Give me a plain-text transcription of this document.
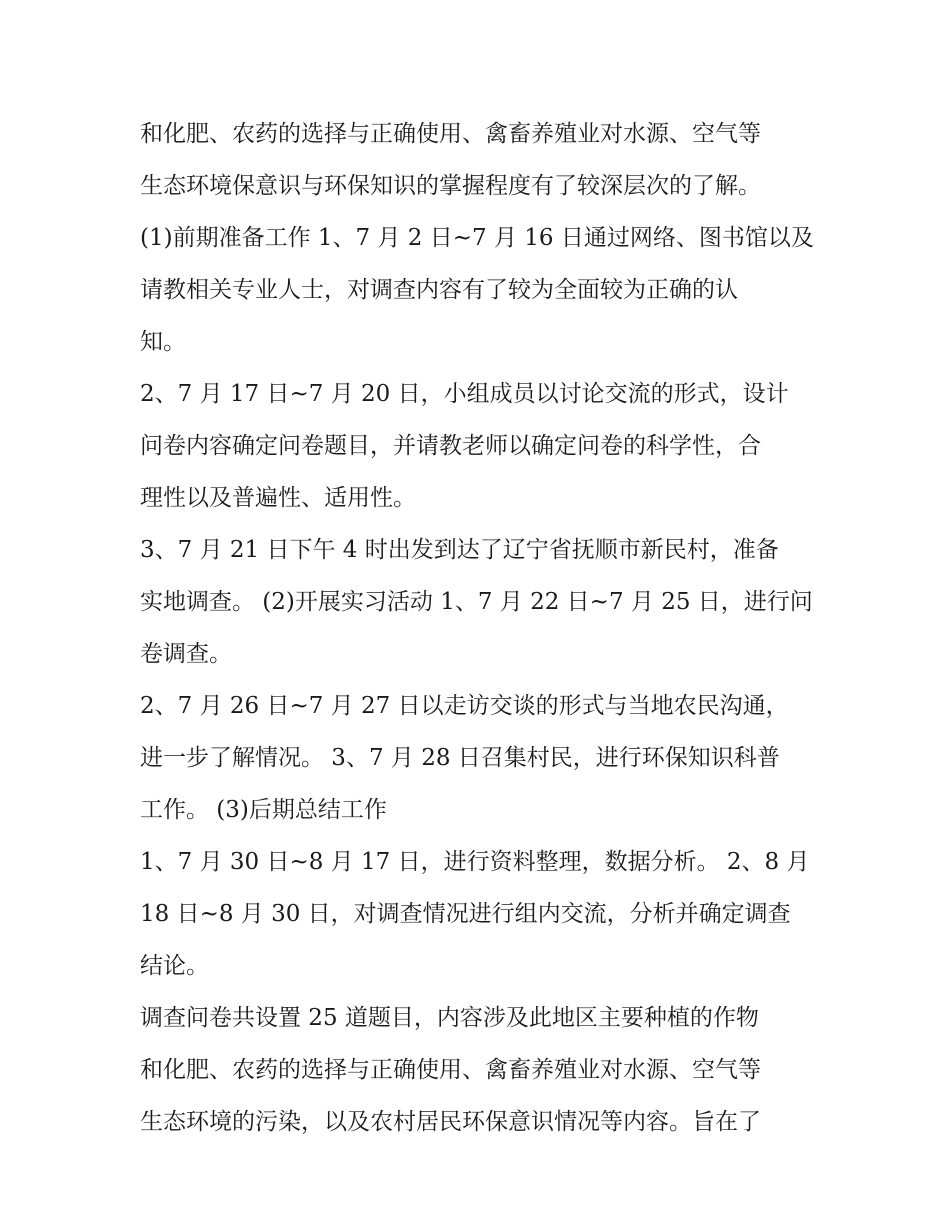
和化肥、农药的选择与正确使用、禽畜养殖业对水源、空气等
生态环境保意识与环保知识的掌握程度有了较深层次的了解。
(1)前期准备工作 1、7 月 2 日~7 月 16 日通过网络、图书馆以及
请教相关专业人士，对调查内容有了较为全面较为正确的认
知。
2、7 月 17 日~7 月 20 日，小组成员以讨论交流的形式，设计
问卷内容确定问卷题目，并请教老师以确定问卷的科学性，合
理性以及普遍性、适用性。
3、7 月 21 日下午 4 时出发到达了辽宁省抚顺市新民村，准备
实地调查。 (2)开展实习活动 1、7 月 22 日~7 月 25 日，进行问
卷调查。
2、7 月 26 日~7 月 27 日以走访交谈的形式与当地农民沟通，
进一步了解情况。 3、7 月 28 日召集村民，进行环保知识科普
工作。 (3)后期总结工作
1、7 月 30 日~8 月 17 日，进行资料整理，数据分析。 2、8 月
18 日~8 月 30 日，对调查情况进行组内交流，分析并确定调查
结论。
调查问卷共设置 25 道题目，内容涉及此地区主要种植的作物
和化肥、农药的选择与正确使用、禽畜养殖业对水源、空气等
生态环境的污染，以及农村居民环保意识情况等内容。旨在了
